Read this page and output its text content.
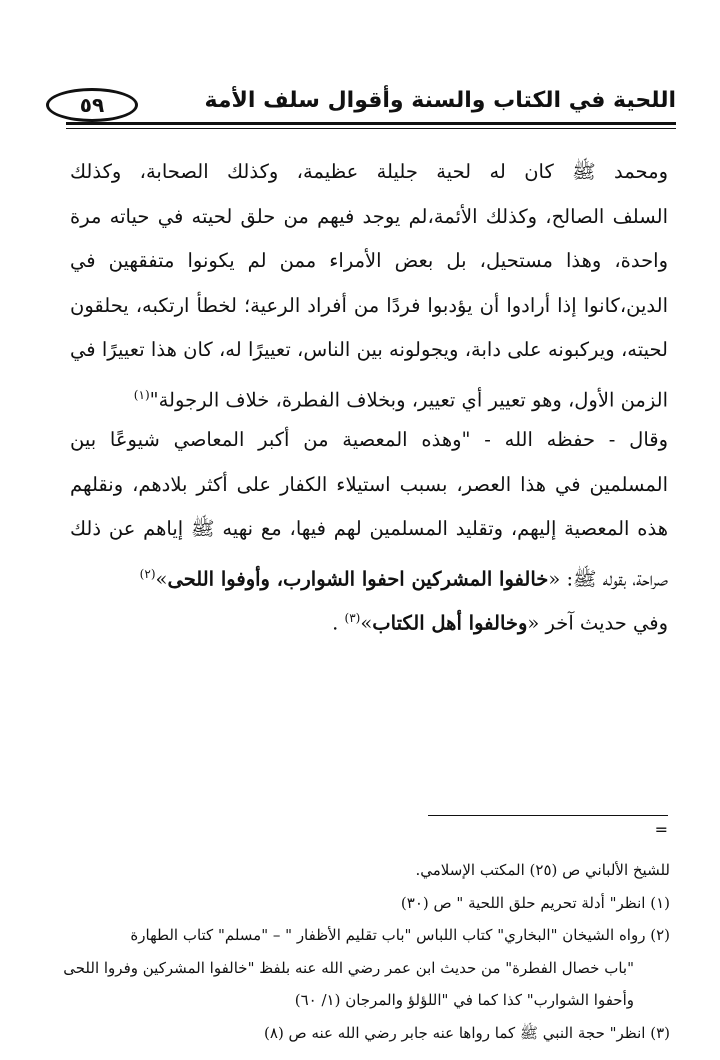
اللحية في الكتاب والسنة وأقوال سلف الأمة
٥٩
ومحمد ﷺ كان له لحية جليلة عظيمة، وكذلك الصحابة، وكذلك
السلف الصالح، وكذلك الأئمة،لم يوجد فيهم من حلق لحيته في حياته مرة
واحدة، وهذا مستحيل، بل بعض الأمراء ممن لم يكونوا متفقهين في
الدين،كانوا إذا أرادوا أن يؤدبوا فردًا من أفراد الرعية؛ لخطأ ارتكبه، يحلقون
لحيته، ويركبونه على دابة، ويجولونه بين الناس، تعييرًا له، كان هذا تعييرًا في
الزمن الأول، وهو تعيير أي تعيير، وبخلاف الفطرة، خلاف الرجولة"$^{(١)}$
وقال - حفظه الله - "وهذه المعصية من أكبر المعاصي شيوعًا بين
المسلمين في هذا العصر، بسبب استيلاء الكفار على أكثر بلادهم، ونقلهم
هذه المعصية إليهم، وتقليد المسلمين لهم فيها، مع نهيه ﷺ إياهم عن ذلك
صراحة، بقوله ﷺ: «خالفوا المشركين احفوا الشوارب، وأوفوا اللحى»$^{(٢)}$
وفي حديث آخر «وخالفوا أهل الكتاب»$^{(٣)}$ .
=
للشيخ الألباني ص (٢٥) المكتب الإسلامي.
(١) انظر" أدلة تحريم حلق اللحية " ص (٣٠)
(٢) رواه الشيخان "البخاري" كتاب اللباس "باب تقليم الأظفار " – "مسلم" كتاب الطهارة
"باب خصال الفطرة" من حديث ابن عمر رضي الله عنه بلفظ "خالفوا المشركين وفروا اللحى
وأحفوا الشوارب" كذا كما في "اللؤلؤ والمرجان (١/ ٦٠)
(٣) انظر" حجة النبي ﷺ كما رواها عنه جابر رضي الله عنه ص (٨)
